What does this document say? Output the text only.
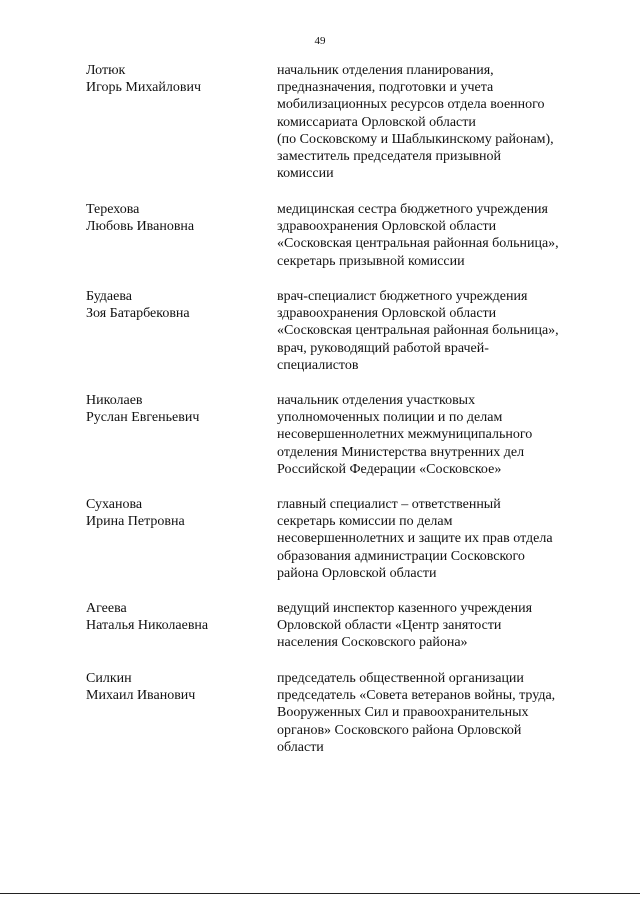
49
Лотюк
Игорь Михайлович
начальник отделения планирования,
предназначения, подготовки и учета
мобилизационных ресурсов отдела военного
комиссариата Орловской области
(по Сосковскому и Шаблыкинскому районам),
заместитель председателя призывной
комиссии
Терехова
Любовь Ивановна
медицинская сестра бюджетного учреждения
здравоохранения Орловской области
«Сосковская центральная районная больница»,
секретарь призывной комиссии
Будаева
Зоя Батарбековна
врач-специалист бюджетного учреждения
здравоохранения Орловской области
«Сосковская центральная районная больница»,
врач, руководящий работой врачей-
специалистов
Николаев
Руслан Евгеньевич
начальник отделения участковых
уполномоченных полиции и по делам
несовершеннолетних межмуниципального
отделения Министерства внутренних дел
Российской Федерации «Сосковское»
Суханова
Ирина Петровна
главный специалист – ответственный
секретарь комиссии по делам
несовершеннолетних и защите их прав отдела
образования администрации Сосковского
района Орловской области
Агеева
Наталья Николаевна
ведущий инспектор казенного учреждения
Орловской области «Центр занятости
населения Сосковского района»
Силкин
Михаил Иванович
председатель общественной организации
председатель «Совета ветеранов войны, труда,
Вооруженных Сил и правоохранительных
органов» Сосковского района Орловской
области
